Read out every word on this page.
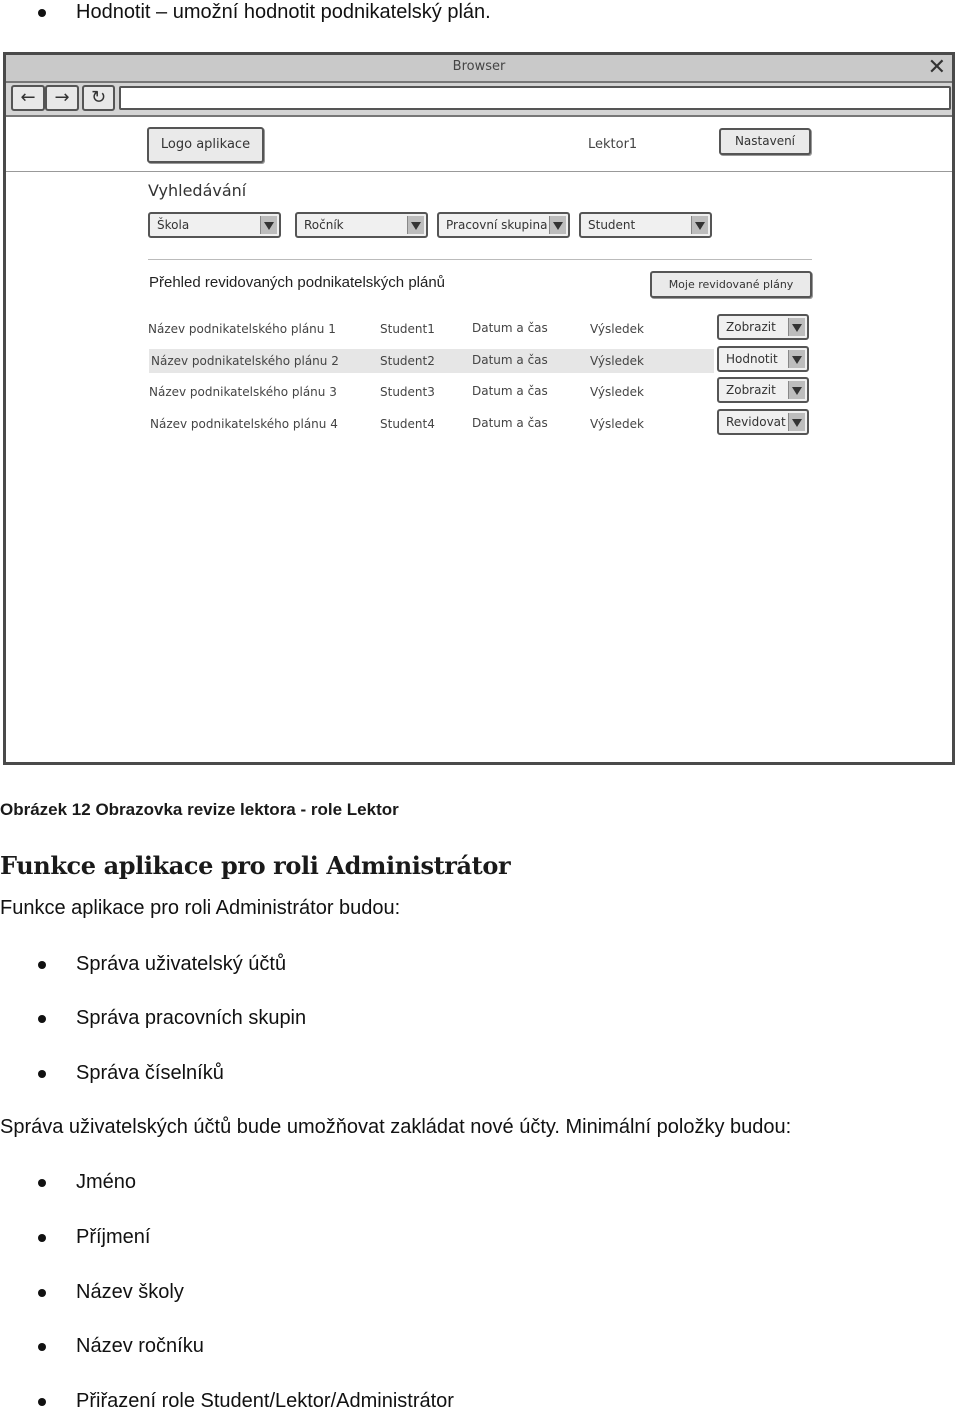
Hodnotit – umožní hodnotit podnikatelský plán.
Browser	✕
←	→	↻
Logo aplikace	Lektor1	Nastavení
Vyhledávání
Škola	Ročník	Pracovní skupina	Student
Přehled revidovaných podnikatelských plánů	Moje revidované plány
Název podnikatelského plánu 1	Student1	Datum a čas	Výsledek	Zobrazit
Název podnikatelského plánu 2	Student2	Datum a čas	Výsledek	Hodnotit
Název podnikatelského plánu 3	Student3	Datum a čas	Výsledek	Zobrazit
Název podnikatelského plánu 4	Student4	Datum a čas	Výsledek	Revidovat
Obrázek 12 Obrazovka revize lektora - role Lektor
Funkce aplikace pro roli Administrátor
Funkce aplikace pro roli Administrátor budou:
Správa uživatelský účtů
Správa pracovních skupin
Správa číselníků
Správa uživatelských účtů bude umožňovat zakládat nové účty. Minimální položky budou:
Jméno
Příjmení
Název školy
Název ročníku
Přiřazení role Student/Lektor/Administrátor
